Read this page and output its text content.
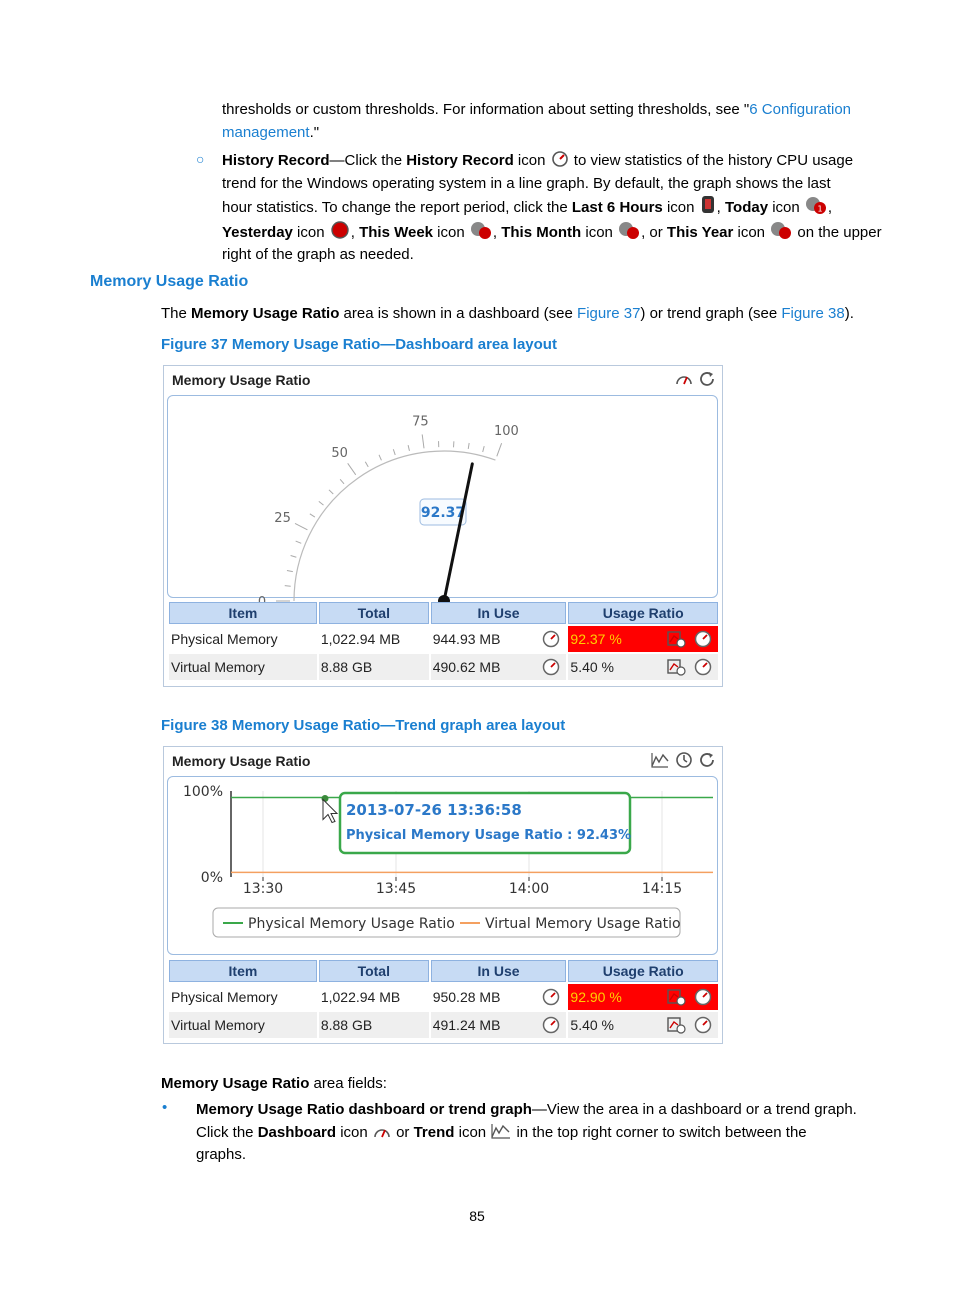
thresholds or custom thresholds. For information about setting thresholds, see "6 Configuration
management."
○ History Record—Click the History Record icon  to view statistics of the history CPU usage
trend for the Windows operating system in a line graph. By default, the graph shows the last
hour statistics. To change the report period, click the Last 6 Hours icon , Today icon 1 ,
Yesterday icon , This Week icon , This Month icon , or This Year icon  on the upper
right of the graph as needed.
Memory Usage Ratio
The Memory Usage Ratio area is shown in a dashboard (see Figure 37) or trend graph (see Figure 38).
Figure 37 Memory Usage Ratio—Dashboard area layout
Memory Usage Ratio
25
50
75
100
92.37
Item	Total	In Use	Usage Ratio
Physical Memory	1,022.94 MB	944.93 MB	92.37 %

Virtual Memory	8.88 GB	490.62 MB	5.40 %
Figure 38 Memory Usage Ratio—Trend graph area layout
Memory Usage Ratio
13:30	13:45	14:00	14:15
100%
0%
2013-07-26 13:36:58
Physical Memory Usage Ratio : 92.43%
Physical Memory Usage Ratio Virtual Memory Usage Ratio
Item	Total	In Use	Usage Ratio
Physical Memory	1,022.94 MB	950.28 MB	92.90 %

Virtual Memory	8.88 GB	491.24 MB	5.40 %
Memory Usage Ratio area fields:
• Memory Usage Ratio dashboard or trend graph—View the area in a dashboard or a trend graph.
Click the Dashboard icon  or Trend icon  in the top right corner to switch between the
graphs.
85
